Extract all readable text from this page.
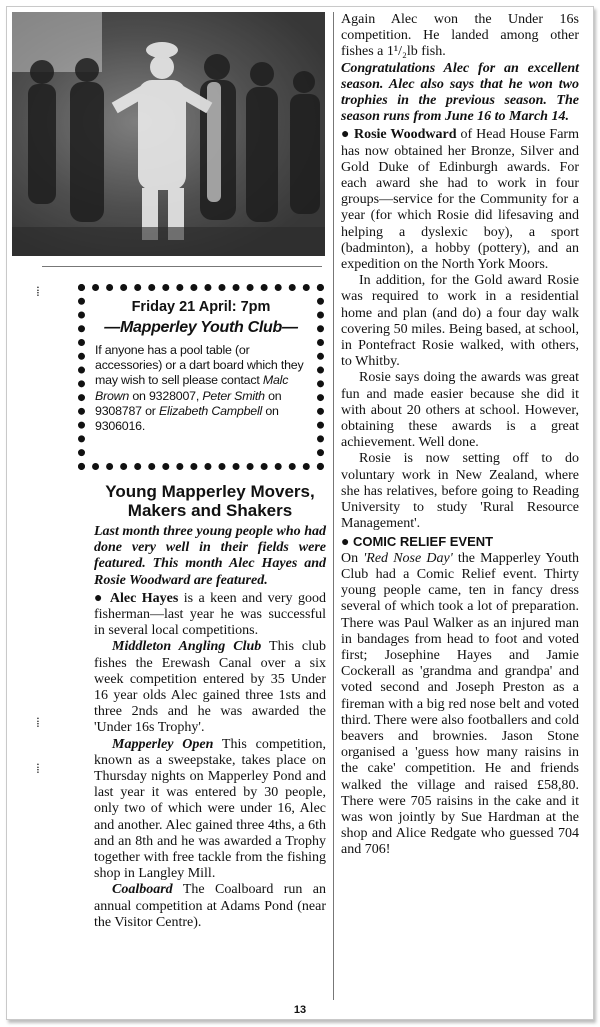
⁞
⁞
⁞
Friday 21 April: 7pm
—Mapperley Youth Club—

If anyone has a pool table (or accessories) or a dart board which they may wish to sell please contact Malc Brown on 9328007, Peter Smith on 9308787 or Elizabeth Campbell on 9306016.

Young Mapperley Movers, Makers and Shakers

Last month three young people who had done very well in their fields were featured. This month Alec Hayes and Rosie Woodward are featured.

● Alec Hayes is a keen and very good fisherman—last year he was successful in several local competitions.

Middleton Angling Club This club fishes the Erewash Canal over a six week competition entered by 35 Under 16 year olds Alec gained three 1sts and three 2nds and he was awarded the 'Under 16s Trophy'.

Mapperley Open This competition, known as a sweepstake, takes place on Thursday nights on Mapperley Pond and last year it was entered by 30 people, only two of which were under 16, Alec and another. Alec gained three 4ths, a 6th and an 8th and he was awarded a Trophy together with free tackle from the fishing shop in Langley Mill.

Coalboard The Coalboard run an annual competition at Adams Pond (near the Visitor Centre).

Again Alec won the Under 16s competition. He landed among other fishes a 1¹/₂lb fish.

Congratulations Alec for an excellent season. Alec also says that he won two trophies in the previous season. The season runs from June 16 to March 14.

● Rosie Woodward of Head House Farm has now obtained her Bronze, Silver and Gold Duke of Edinburgh awards. For each award she had to work in four groups—service for the Community for a year (for which Rosie did lifesaving and helping a dyslexic boy), a sport (badminton), a hobby (pottery), and an expedition on the North York Moors.

In addition, for the Gold award Rosie was required to work in a residential home and plan (and do) a four day walk covering 50 miles. Being based, at school, in Pontefract Rosie walked, with others, to Whitby.

Rosie says doing the awards was great fun and made easier because she did it with about 20 others at school. However, obtaining these awards is a great achievement. Well done.

Rosie is now setting off to do voluntary work in New Zealand, where she has relatives, before going to Reading University to study 'Rural Resource Management'.

● COMIC RELIEF EVENT

On 'Red Nose Day' the Mapperley Youth Club had a Comic Relief event. Thirty young people came, ten in fancy dress several of which took a lot of preparation. There was Paul Walker as an injured man in bandages from head to foot and voted first; Josephine Hayes and Jamie Cockerall as 'grandma and grandpa' and voted second and Joseph Preston as a fireman with a big red nose belt and voted third. There were also footballers and cold beavers and brownies. Jason Stone organised a 'guess how many raisins in the cake' competition. He and friends walked the village and raised £58,80. There were 705 raisins in the cake and it was won jointly by Sue Hardman at the shop and Alice Redgate who guessed 704 and 706!

13
